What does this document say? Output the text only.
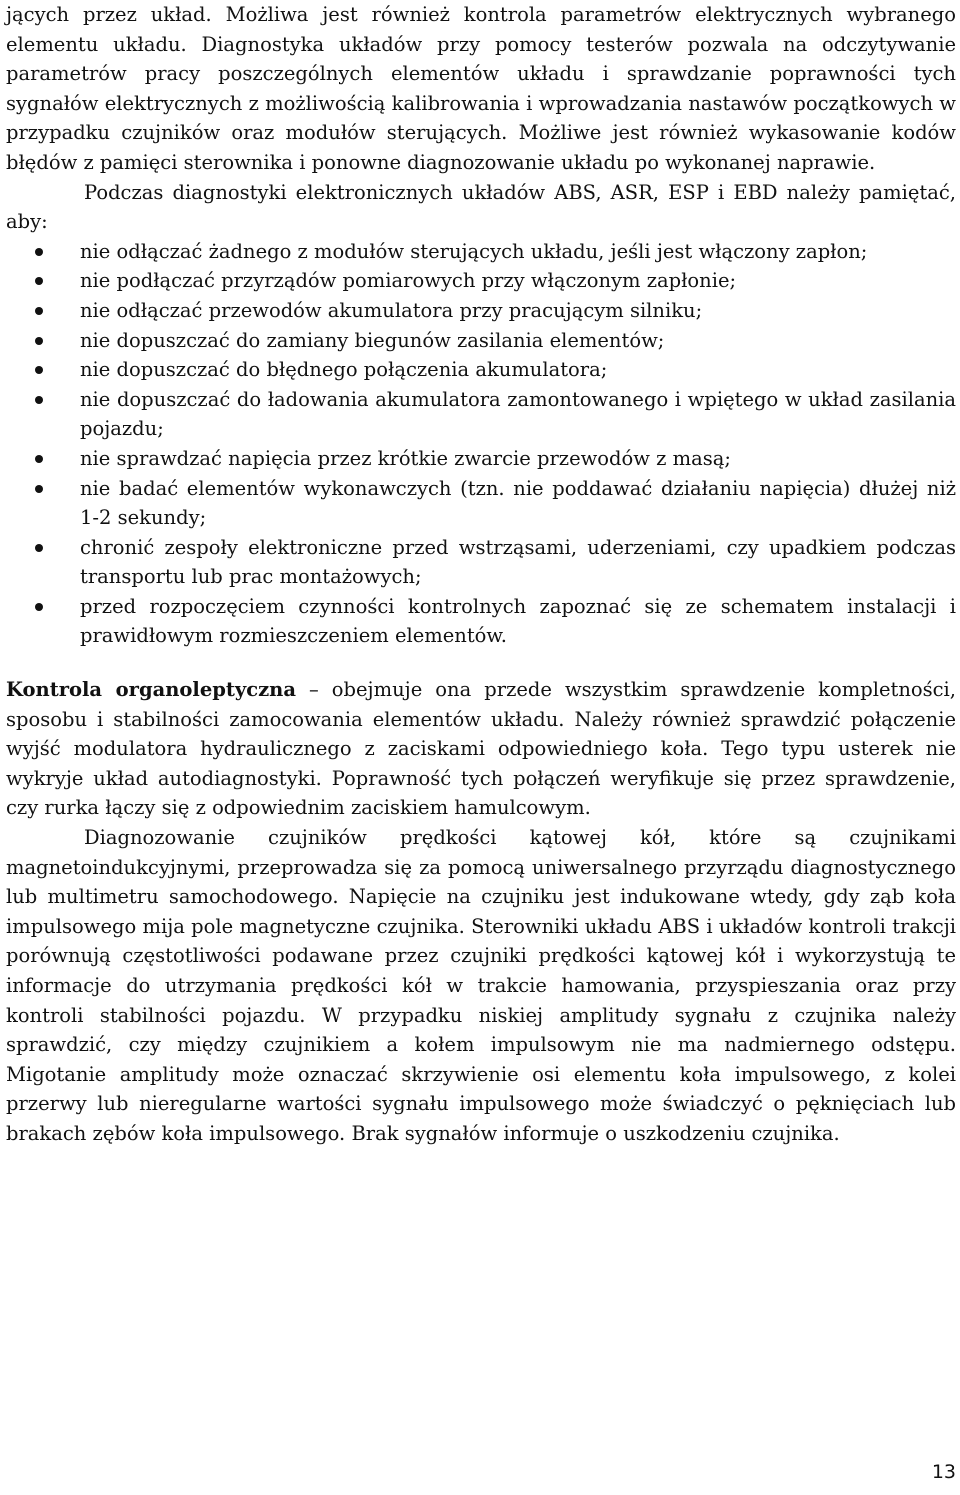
jących przez układ. Możliwa jest również kontrola parametrów elektrycznych wybranego elementu układu. Diagnostyka układów przy pomocy testerów pozwala na odczytywanie parametrów pracy poszczególnych elementów układu i sprawdzanie poprawności tych sygnałów elektrycznych z możliwością kalibrowania i wprowadzania nastawów początkowych w przypadku czujników oraz modułów sterujących. Możliwe jest również wykasowanie kodów błędów z pamięci sterownika i ponowne diagnozowanie układu po wykonanej naprawie.

Podczas diagnostyki elektronicznych układów ABS, ASR, ESP i EBD należy pamiętać, aby:

nie odłączać żadnego z modułów sterujących układu, jeśli jest włączony zapłon;
nie podłączać przyrządów pomiarowych przy włączonym zapłonie;
nie odłączać przewodów akumulatora przy pracującym silniku;
nie dopuszczać do zamiany biegunów zasilania elementów;
nie dopuszczać do błędnego połączenia akumulatora;
nie dopuszczać do ładowania akumulatora zamontowanego i wpiętego w układ zasilania pojazdu;
nie sprawdzać napięcia przez krótkie zwarcie przewodów z masą;
nie badać elementów wykonawczych (tzn. nie poddawać działaniu napięcia) dłużej niż 1-2 sekundy;
chronić zespoły elektroniczne przed wstrząsami, uderzeniami, czy upadkiem podczas transportu lub prac montażowych;
przed rozpoczęciem czynności kontrolnych zapoznać się ze schematem instalacji i prawidłowym rozmieszczeniem elementów.

Kontrola organoleptyczna – obejmuje ona przede wszystkim sprawdzenie kompletności, sposobu i stabilności zamocowania elementów układu. Należy również sprawdzić połączenie wyjść modulatora hydraulicznego z zaciskami odpowiedniego koła. Tego typu usterek nie wykryje układ autodiagnostyki. Poprawność tych połączeń weryfikuje się przez sprawdzenie, czy rurka łączy się z odpowiednim zaciskiem hamulcowym.

Diagnozowanie czujników prędkości kątowej kół, które są czujnikami magnetoindukcyjnymi, przeprowadza się za pomocą uniwersalnego przyrządu diagnostycznego lub multimetru samochodowego. Napięcie na czujniku jest indukowane wtedy, gdy ząb koła impulsowego mija pole magnetyczne czujnika. Sterowniki układu ABS i układów kontroli trakcji porównują częstotliwości podawane przez czujniki prędkości kątowej kół i wykorzystują te informacje do utrzymania prędkości kół w trakcie hamowania, przyspieszania oraz przy kontroli stabilności pojazdu. W przypadku niskiej amplitudy sygnału z czujnika należy sprawdzić, czy między czujnikiem a kołem impulsowym nie ma nadmiernego odstępu. Migotanie amplitudy może oznaczać skrzywienie osi elementu koła impulsowego, z kolei przerwy lub nieregularne wartości sygnału impulsowego może świadczyć o pęknięciach lub brakach zębów koła impulsowego. Brak sygnałów informuje o uszkodzeniu czujnika.

13
